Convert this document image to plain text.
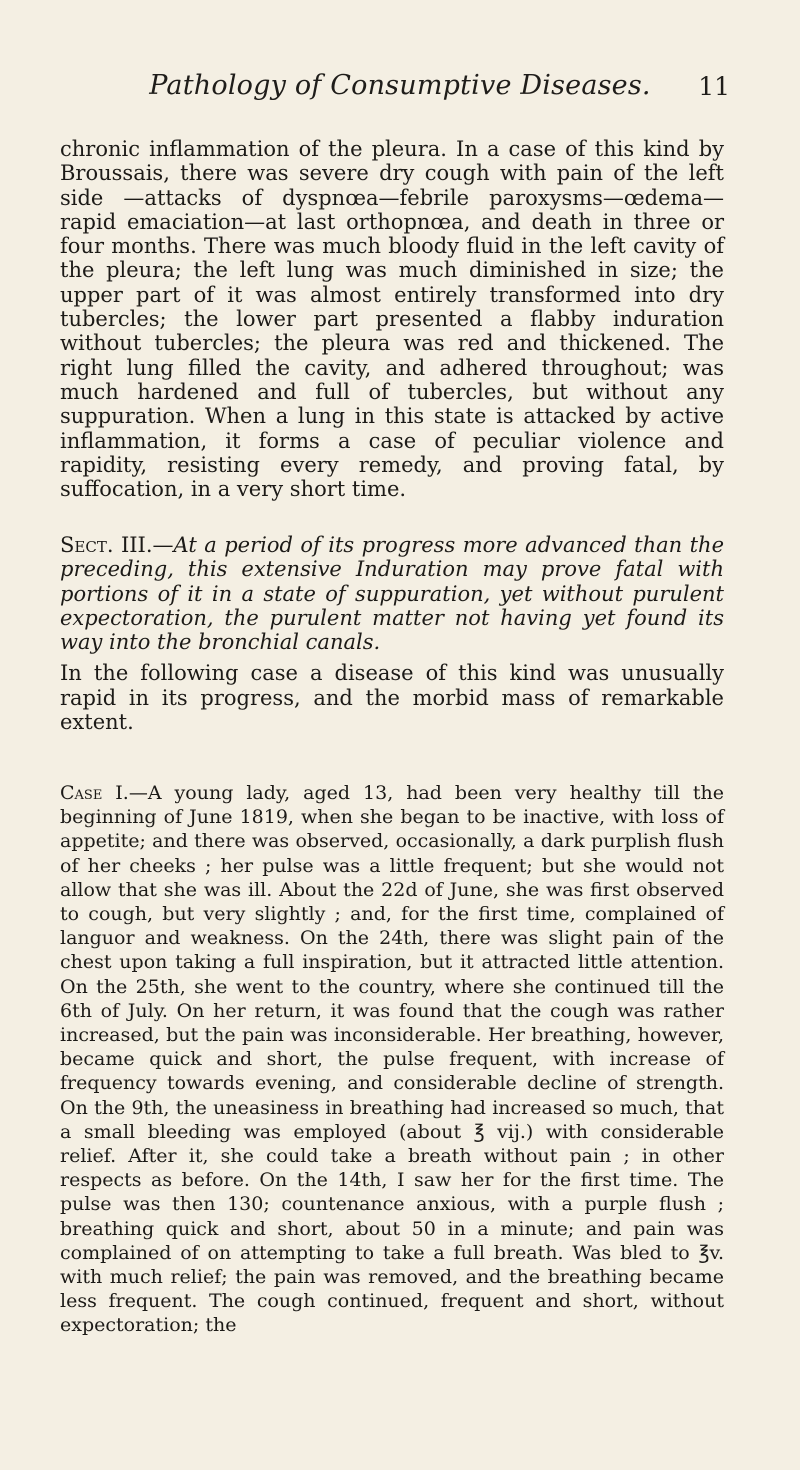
Pathology of Consumptive Diseases.	11

chronic inflammation of the pleura. In a case of this kind by Broussais, there was severe dry cough with pain of the left side —attacks of dyspnœa—febrile paroxysms—œdema—rapid emaciation—at last orthopnœa, and death in three or four months. There was much bloody fluid in the left cavity of the pleura; the left lung was much diminished in size; the upper part of it was almost entirely transformed into dry tubercles; the lower part presented a flabby induration without tubercles; the pleura was red and thickened. The right lung filled the cavity, and adhered throughout; was much hardened and full of tubercles, but without any suppuration. When a lung in this state is attacked by active inflammation, it forms a case of peculiar violence and rapidity, resisting every remedy, and proving fatal, by suffocation, in a very short time.

Sect. III.—At a period of its progress more advanced than the preceding, this extensive Induration may prove fatal with portions of it in a state of suppuration, yet without purulent expectoration, the purulent matter not having yet found its way into the bronchial canals.

In the following case a disease of this kind was unusually rapid in its progress, and the morbid mass of remarkable extent.

Case I.—A young lady, aged 13, had been very healthy till the beginning of June 1819, when she began to be inactive, with loss of appetite; and there was observed, occasionally, a dark purplish flush of her cheeks ; her pulse was a little frequent; but she would not allow that she was ill. About the 22d of June, she was first observed to cough, but very slightly ; and, for the first time, complained of languor and weakness. On the 24th, there was slight pain of the chest upon taking a full inspiration, but it attracted little attention. On the 25th, she went to the country, where she continued till the 6th of July. On her return, it was found that the cough was rather increased, but the pain was inconsiderable. Her breathing, however, became quick and short, the pulse frequent, with increase of frequency towards evening, and considerable decline of strength. On the 9th, the uneasiness in breathing had increased so much, that a small bleeding was employed (about ℥ vij.) with considerable relief. After it, she could take a breath without pain ; in other respects as before. On the 14th, I saw her for the first time. The pulse was then 130; countenance anxious, with a purple flush ; breathing quick and short, about 50 in a minute; and pain was complained of on attempting to take a full breath. Was bled to ℥v. with much relief; the pain was removed, and the breathing became less frequent. The cough continued, frequent and short, without expectoration; the
